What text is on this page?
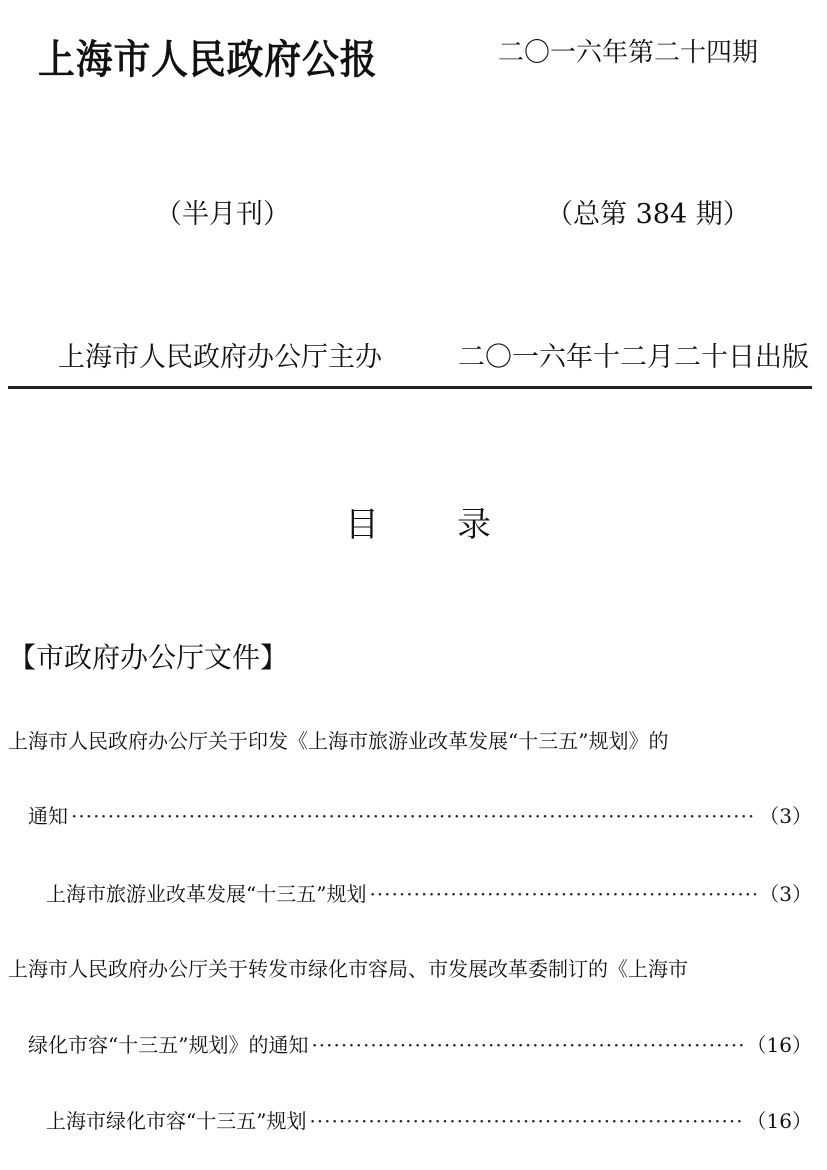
上海市人民政府公报	二〇一六年第二十四期
（半月刊）	（总第 384 期）
上海市人民政府办公厅主办	二〇一六年十二月二十日出版
目录
【市政府办公厅文件】
上海市人民政府办公厅关于印发《上海市旅游业改革发展“十三五”规划》的
通知 ·····	（3）
上海市旅游业改革发展“十三五”规划 ·····	（3）
上海市人民政府办公厅关于转发市绿化市容局、市发展改革委制订的《上海市
绿化市容“十三五”规划》的通知 ·····	（16）
上海市绿化市容“十三五”规划 ·····	（16）
